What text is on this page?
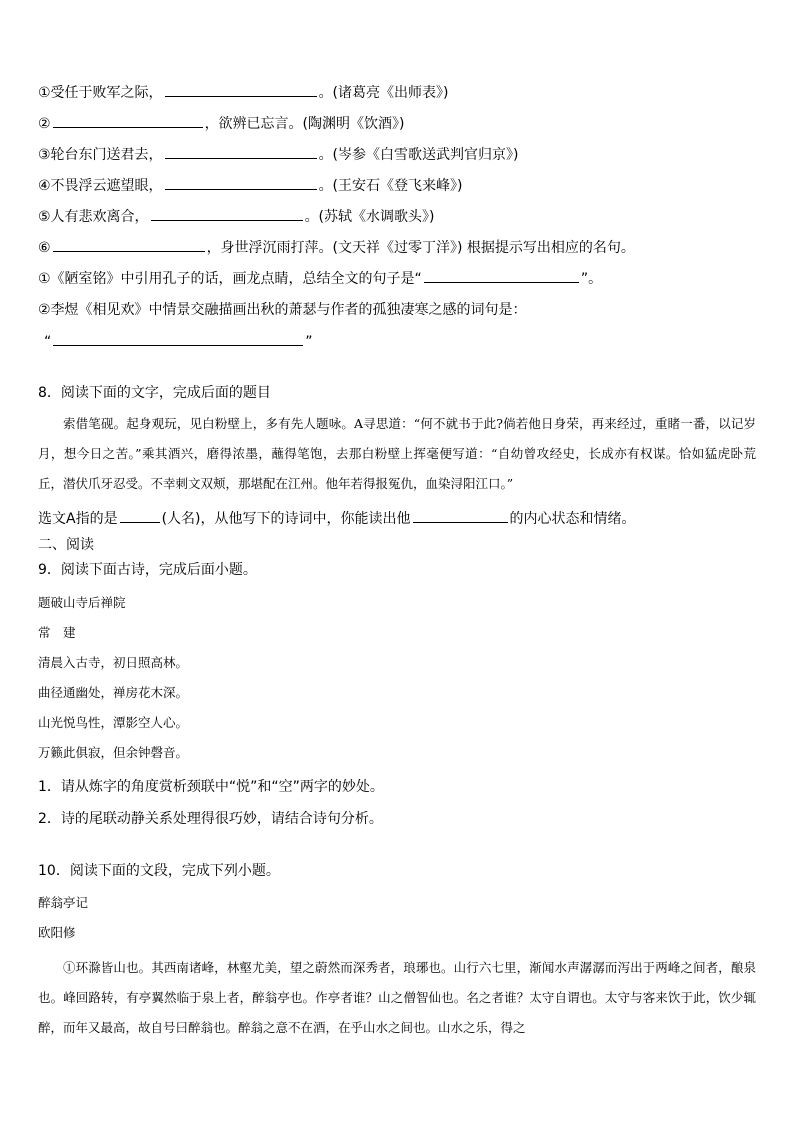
①受任于败军之际，	。(诸葛亮《出师表》)
②	，欲辨已忘言。(陶渊明《饮酒》)
③轮台东门送君去，	。(岑参《白雪歌送武判官归京》)
④不畏浮云遮望眼，	。(王安石《登飞来峰》)
⑤人有悲欢离合，	。(苏轼《水调歌头》)
⑥	，身世浮沉雨打萍。(文天祥《过零丁洋》) 根据提示写出相应的名句。
①《陋室铭》中引用孔子的话，画龙点睛，总结全文的句子是“	”。
②李煜《相见欢》中情景交融描画出秋的萧瑟与作者的孤独凄寒之感的词句是：
“	”
8．阅读下面的文字，完成后面的题目
索借笔砚。起身观玩，见白粉壁上，多有先人题咏。A寻思道：“何不就书于此?倘若他日身荣，再来经过，重睹一番，以记岁月，想今日之苦。”乘其酒兴，磨得浓墨，蘸得笔饱，去那白粉壁上挥毫便写道：“自幼曾攻经史，长成亦有权谋。恰如猛虎卧荒丘，潜伏爪牙忍受。不幸刺文双颊，那堪配在江州。他年若得报冤仇，血染浔阳江口。”
选文A指的是	(人名)，从他写下的诗词中，你能读出他	的内心状态和情绪。
二、阅读
9．阅读下面古诗，完成后面小题。
题破山寺后禅院
常　建
清晨入古寺，初日照高林。
曲径通幽处，禅房花木深。
山光悦鸟性，潭影空人心。
万籁此俱寂，但余钟磬音。
1．请从炼字的角度赏析颈联中“悦”和“空”两字的妙处。
2．诗的尾联动静关系处理得很巧妙，请结合诗句分析。
10．阅读下面的文段，完成下列小题。
醉翁亭记
欧阳修
①环滁皆山也。其西南诸峰，林壑尤美，望之蔚然而深秀者，琅琊也。山行六七里，渐闻水声潺潺而泻出于两峰之间者，酿泉也。峰回路转，有亭翼然临于泉上者，醉翁亭也。作亭者谁？山之僧智仙也。名之者谁？太守自谓也。太守与客来饮于此，饮少辄醉，而年又最高，故自号曰醉翁也。醉翁之意不在酒，在乎山水之间也。山水之乐，得之
